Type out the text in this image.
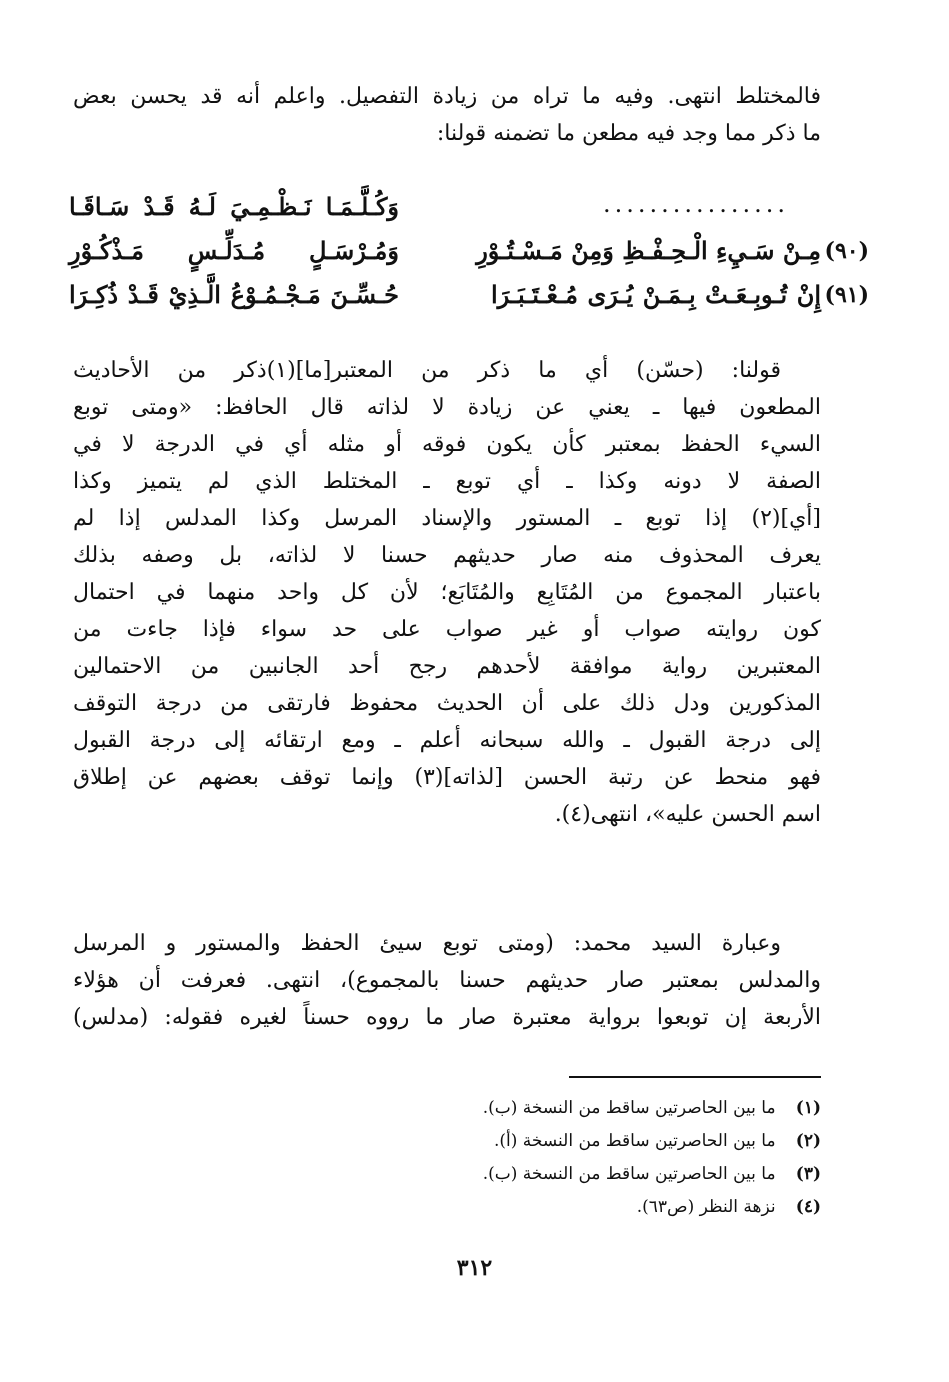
فالمختلط انتهى. وفيه ما تراه من زيادة التفصيل. واعلم أنه قد يحسن بعض
ما ذكر مما وجد فيه مطعن ما تضمنه قولنا:
................
وَكُـلَّـمَـا نَـظْـمِـيَ لَـهُ قَـدْ سَـاقَـا
(٩٠)
مِـنْ سَـيِءِ الْـحِـفْـظِ وَمِنْ مَـسْـتُـوْرِ
وَمُـرْسَـلٍ مُـدَلِّـسٍ مَـذْكُـوْرِ
(٩١)
إِنْ تُـوبِـعَـتْ بِـمَـنْ يُـرَى مُـعْـتَـبَـرَا
حُـسِّـنَ مَـجْـمُـوْعُ الَّـذِيْ قَـدْ ذُكِـرَا
قولنا: (حسّن) أي ما ذكر من المعتبر[ما](١)ذكر من الأحاديث
المطعون فيها ـ يعني عن زيادة لا لذاته قال الحافظ: «ومتى توبع
السيء الحفظ بمعتبر كأن يكون فوقه أو مثله أي في الدرجة لا في
الصفة لا دونه وكذا ـ أي توبع ـ المختلط الذي لم يتميز وكذا
[أي](٢) إذا توبع ـ المستور والإسناد المرسل وكذا المدلس إذا لم
يعرف المحذوف منه صار حديثهم حسنا لا لذاته، بل وصفه بذلك
باعتبار المجموع من المُتَابِع والمُتَابَع؛ لأن كل واحد منهما في احتمال
كون روايته صواب أو غير صواب على حد سواء فإذا جاءت من
المعتبرين رواية موافقة لأحدهم رجح أحد الجانبين من الاحتمالين
المذكورين ودل ذلك على أن الحديث محفوظ فارتقى من درجة التوقف
إلى درجة القبول ـ والله سبحانه أعلم ـ ومع ارتقائه إلى درجة القبول
فهو منحط عن رتبة الحسن [لذاته](٣) وإنما توقف بعضهم عن إطلاق
اسم الحسن عليه»، انتهى(٤).
وعبارة السيد محمد: (ومتى توبع سيئ الحفظ والمستور و المرسل
والمدلس بمعتبر صار حديثهم حسنا بالمجموع)، انتهى. فعرفت أن هؤلاء
الأربعة إن توبعوا برواية معتبرة صار ما رووه حسناً لغيره فقوله: (مدلس)
(١) ما بين الحاصرتين ساقط من النسخة (ب).
(٢) ما بين الحاصرتين ساقط من النسخة (أ).
(٣) ما بين الحاصرتين ساقط من النسخة (ب).
(٤) نزهة النظر (ص٦٣).
٣١٢
